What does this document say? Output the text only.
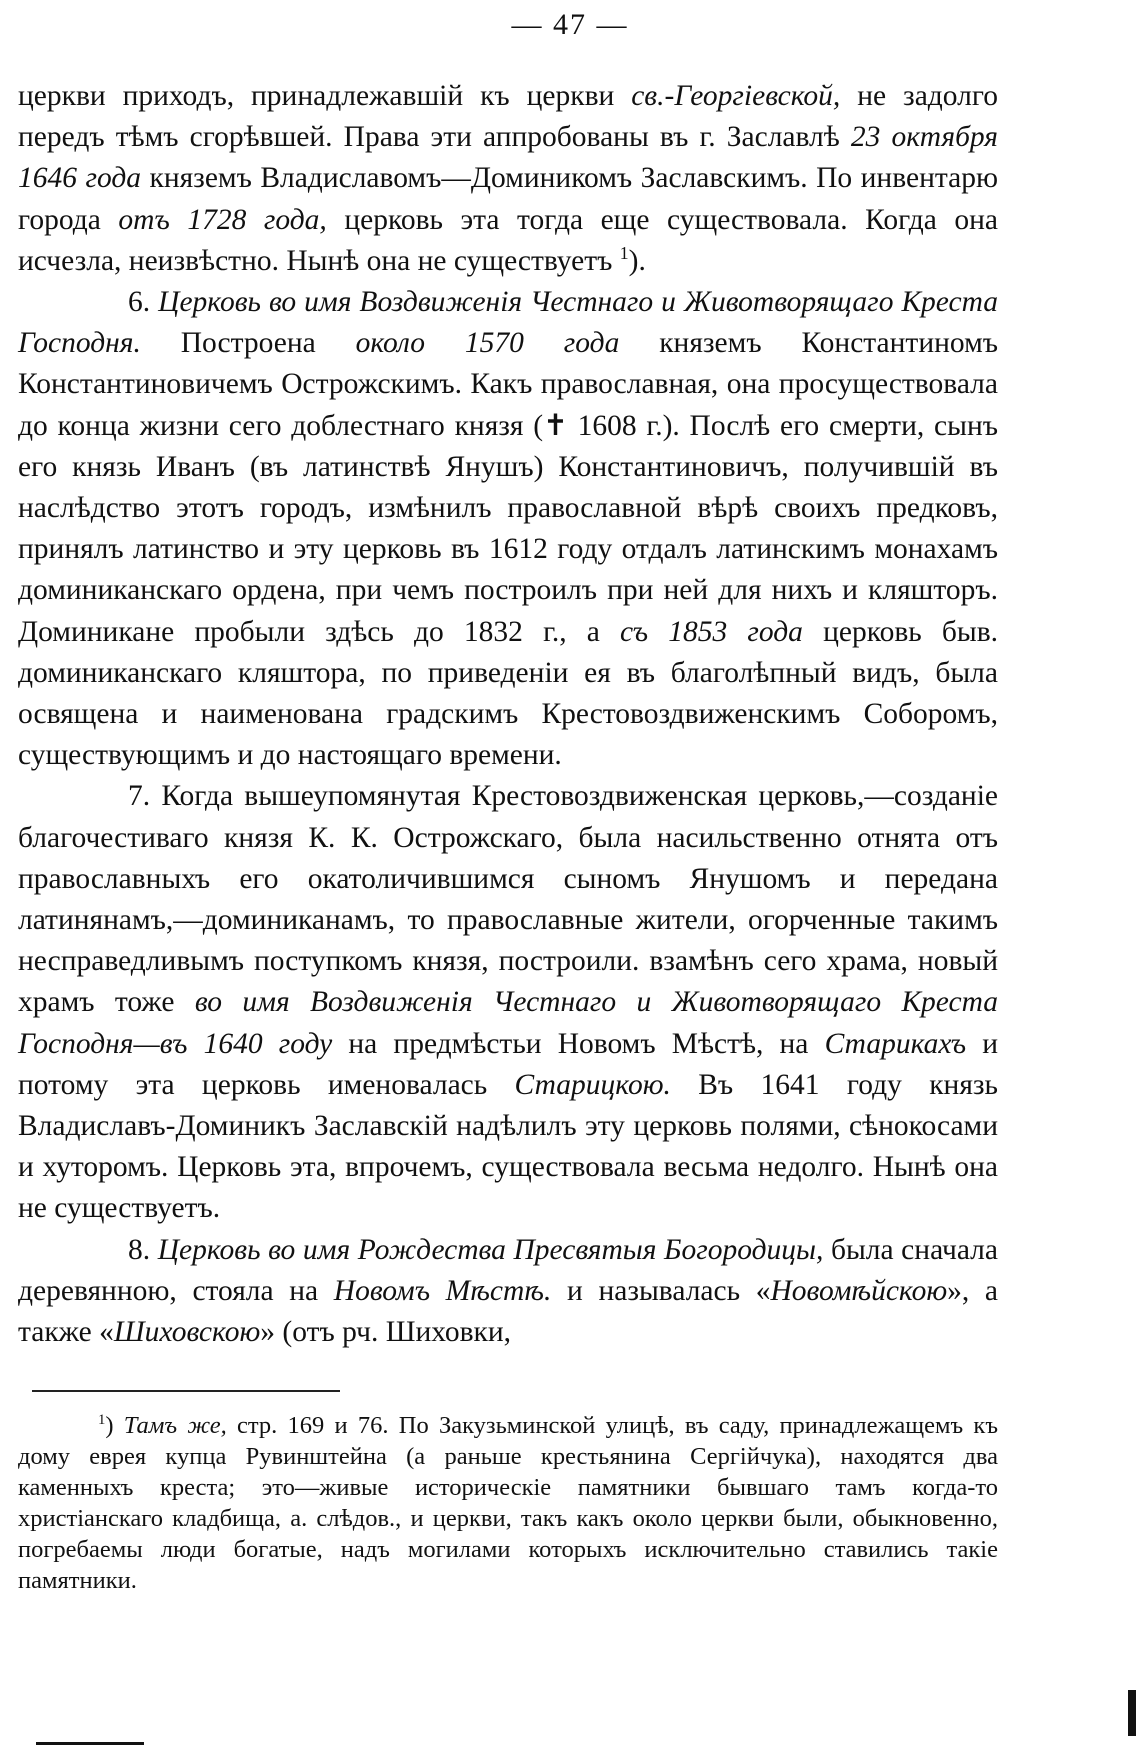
— 47 —

церкви приходъ, принадлежавшій къ церкви св.-Георгіевской, не задолго передъ тѣмъ сгорѣвшей. Права эти аппробованы въ г. Заславлѣ 23 октября 1646 года княземъ Владиславомъ—Доминикомъ Заславскимъ. По инвентарю города отъ 1728 года, церковь эта тогда еще существовала. Когда она исчезла, неизвѣстно. Нынѣ она не существуетъ $^1$).

6. Церковь во имя Воздвиженія Честнаго и Животворящаго Креста Господня. Построена около 1570 года княземъ Константиномъ Константиновичемъ Острожскимъ. Какъ православная, она просуществовала до конца жизни сего доблестнаго князя (✝ 1608 г.). Послѣ его смерти, сынъ его князь Иванъ (въ латинствѣ Янушъ) Константиновичъ, получившій въ наслѣдство этотъ городъ, измѣнилъ православной вѣрѣ своихъ предковъ, принялъ латинство и эту церковь въ 1612 году отдалъ латинскимъ монахамъ доминиканскаго ордена, при чемъ построилъ при ней для нихъ и кляшторъ. Доминикане пробыли здѣсь до 1832 г., а съ 1853 года церковь быв. доминиканскаго кляштора, по приведеніи ея въ благолѣпный видъ, была освящена и наименована градскимъ Крестовоздвиженскимъ Соборомъ, существующимъ и до настоящаго времени.

7. Когда вышеупомянутая Крестовоздвиженская церковь,—созданіе благочестиваго князя К. К. Острожскаго, была насильственно отнята отъ православныхъ его окатоличившимся сыномъ Янушомъ и передана латинянамъ,—доминиканамъ, то православные жители, огорченные такимъ несправедливымъ поступкомъ князя, построили. взамѣнъ сего храма, новый храмъ тоже во имя Воздвиженія Честнаго и Животворящаго Креста Господня—въ 1640 году на предмѣстьи Новомъ Мѣстѣ, на Старикахъ и потому эта церковь именовалась Старицкою. Въ 1641 году князь Владиславъ-Доминикъ Заславскій надѣлилъ эту церковь полями, сѣнокосами и хуторомъ. Церковь эта, впрочемъ, существовала весьма недолго. Нынѣ она не существуетъ.

8. Церковь во имя Рождества Пресвятыя Богородицы, была сначала деревянною, стояла на Новомъ Мѣстѣ. и называлась «Новомѣйскою», а также «Шиховскою» (отъ рч. Шиховки,

$^1$) Тамъ же, стр. 169 и 76. По Закузьминской улицѣ, въ саду, принадлежащемъ къ дому еврея купца Рувинштейна (а раньше крестьянина Сергійчука), находятся два каменныхъ креста; это—живые историческіе памятники бывшаго тамъ когда-то христіанскаго кладбища, а. слѣдов., и церкви, такъ какъ около церкви были, обыкновенно, погребаемы люди богатые, надъ могилами которыхъ исключительно ставились такіе памятники.
